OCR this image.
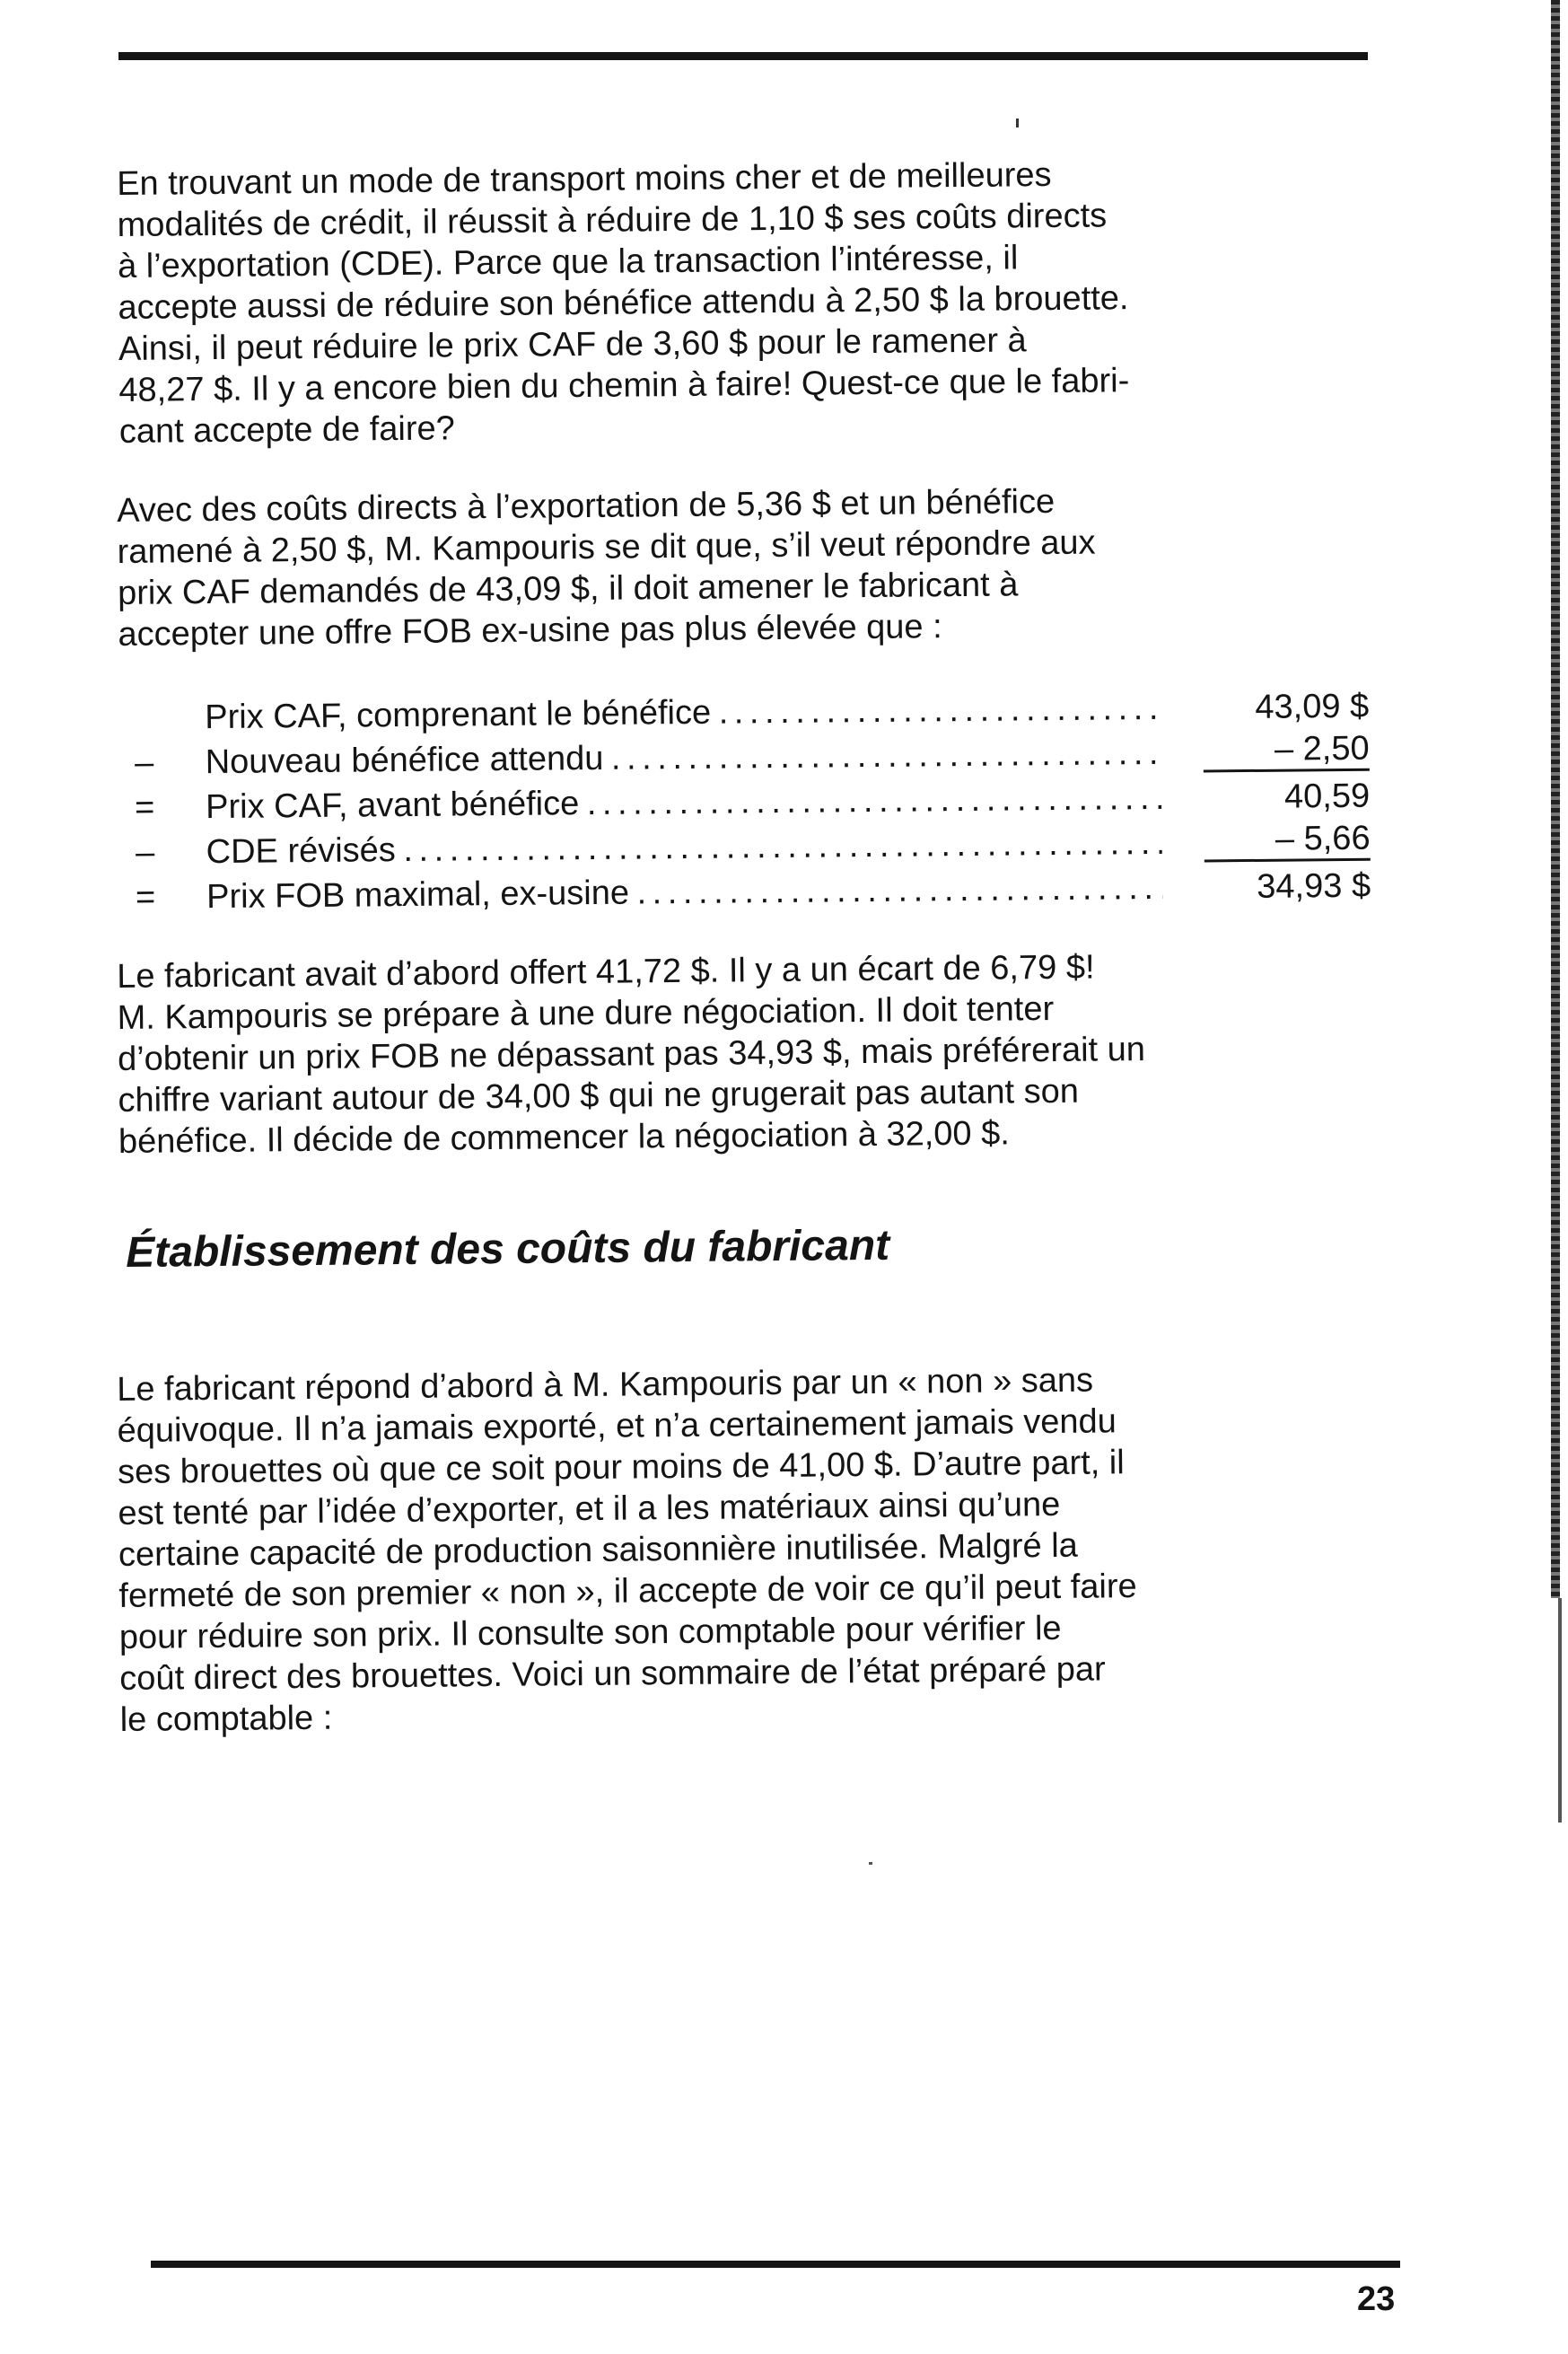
En trouvant un mode de transport moins cher et de meilleures
modalités de crédit, il réussit à réduire de 1,10 $ ses coûts directs
à l’exportation (CDE). Parce que la transaction l’intéresse, il
accepte aussi de réduire son bénéfice attendu à 2,50 $ la brouette.
Ainsi, il peut réduire le prix CAF de 3,60 $ pour le ramener à
48,27 $. Il y a encore bien du chemin à faire! Quest-ce que le fabri-
cant accepte de faire?

Avec des coûts directs à l’exportation de 5,36 $ et un bénéfice
ramené à 2,50 $, M. Kampouris se dit que, s’il veut répondre aux
prix CAF demandés de 43,09 $, il doit amener le fabricant à
accepter une offre FOB ex-usine pas plus élevée que :

Prix CAF, comprenant le bénéfice . . .	43,09 $
– Nouveau bénéfice attendu . . .	– 2,50
= Prix CAF, avant bénéfice . . .	40,59
– CDE révisés . . .	– 5,66
= Prix FOB maximal, ex-usine . . .	34,93 $

Le fabricant avait d’abord offert 41,72 $. Il y a un écart de 6,79 $!
M. Kampouris se prépare à une dure négociation. Il doit tenter
d’obtenir un prix FOB ne dépassant pas 34,93 $, mais préférerait un
chiffre variant autour de 34,00 $ qui ne grugerait pas autant son
bénéfice. Il décide de commencer la négociation à 32,00 $.

Établissement des coûts du fabricant

Le fabricant répond d’abord à M. Kampouris par un « non » sans
équivoque. Il n’a jamais exporté, et n’a certainement jamais vendu
ses brouettes où que ce soit pour moins de 41,00 $. D’autre part, il
est tenté par l’idée d’exporter, et il a les matériaux ainsi qu’une
certaine capacité de production saisonnière inutilisée. Malgré la
fermeté de son premier « non », il accepte de voir ce qu’il peut faire
pour réduire son prix. Il consulte son comptable pour vérifier le
coût direct des brouettes. Voici un sommaire de l’état préparé par
le comptable :

23
